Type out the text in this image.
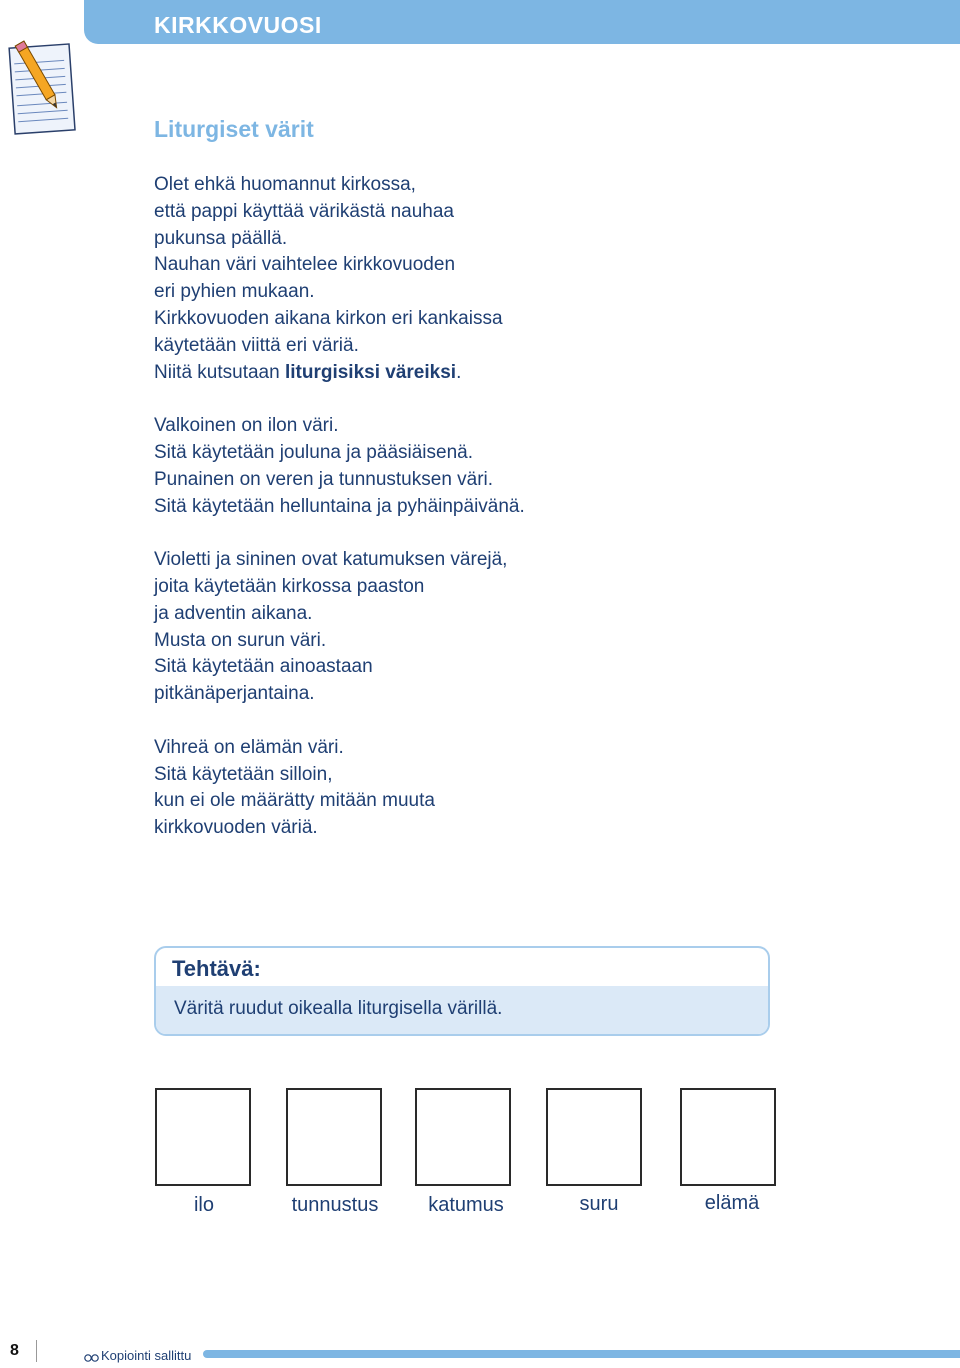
KIRKKOVUOSI
Liturgiset värit
Olet ehkä huomannut kirkossa,
että pappi käyttää värikästä nauhaa
pukunsa päällä.
Nauhan väri vaihtelee kirkkovuoden
eri pyhien mukaan.
Kirkkovuoden aikana kirkon eri kankaissa
käytetään viittä eri väriä.
Niitä kutsutaan liturgisiksi väreiksi.
Valkoinen on ilon väri.
Sitä käytetään jouluna ja pääsiäisenä.
Punainen on veren ja tunnustuksen väri.
Sitä käytetään helluntaina ja pyhäinpäivänä.
Violetti ja sininen ovat katumuksen värejä,
joita käytetään kirkossa paaston
ja adventin aikana.
Musta on surun väri.
Sitä käytetään ainoastaan
pitkänäperjantaina.
Vihreä on elämän väri.
Sitä käytetään silloin,
kun ei ole määrätty mitään muuta
kirkkovuoden väriä.
Tehtävä:
Väritä ruudut oikealla liturgisella värillä.
ilo	tunnustus	katumus	suru	elämä
8	Kopiointi sallittu
